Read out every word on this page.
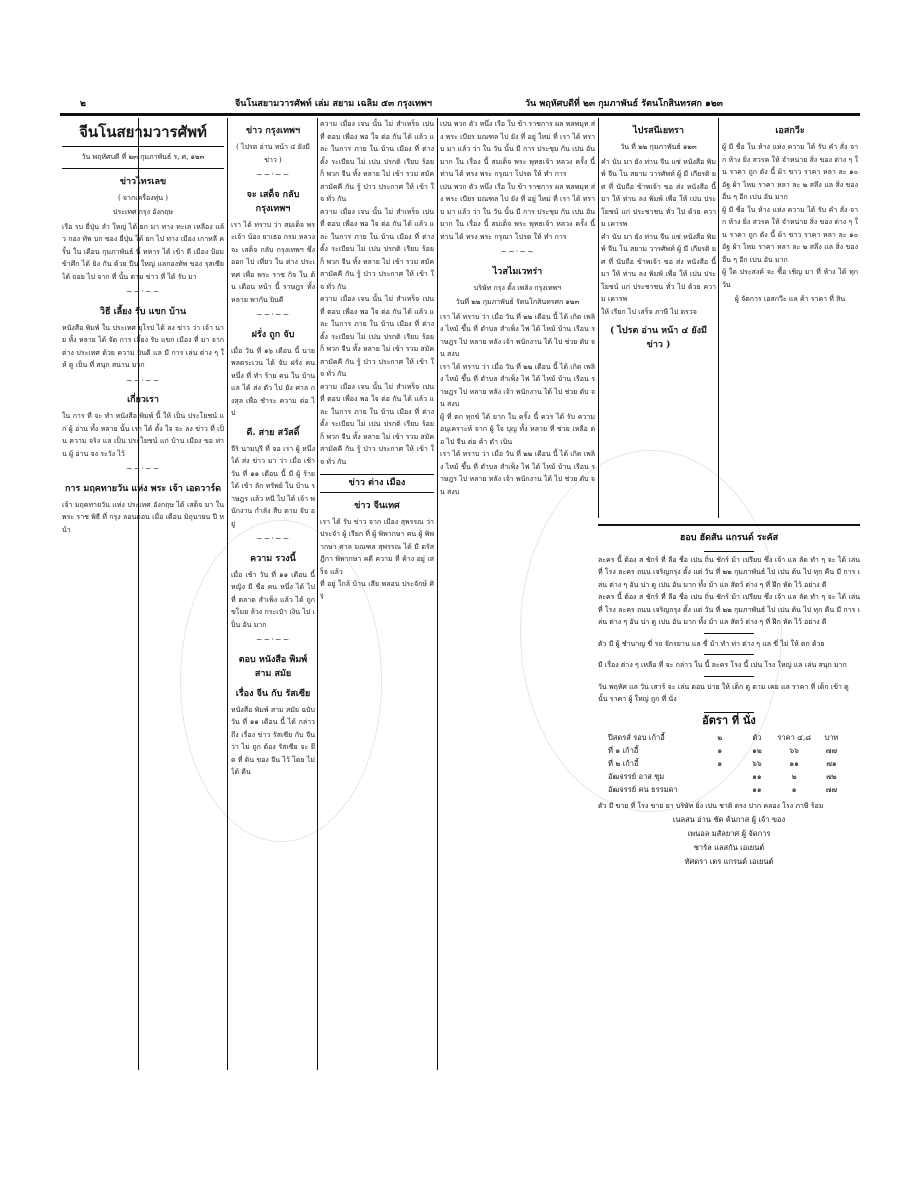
๒	จีนโนสยามวารศัพท์ เล่ม สยาม เฉลิม ๕๓ กรุงเทพฯ	วัน พฤหัศบดีที่ ๒๓ กุมภาพันธ์ รัตนโกสินทรศก ๑๒๓
จีนโนสยามวารศัพท์
วัน พฤหัศบดี ที่ ๒๓ กุมภาพันธ์ ร, ศ, ๑๒๓
ข่าวไทรเลข
( จากเครื่องทุ่น )
ประเทศ กรุง อังกฤษ
เรือ รบ ยี่ปุ่น ลำ ใหญ่ ได้ ยก มา ทาง ทะเล เหลือง แล้ว กอง ทัพ บก ของ ยี่ปุ่น ได้ ยก ไป ทาง เมือง เกาหลี ครั้น ใน เดือน กุมภาพันธ์ นี้ ทหาร ได้ เข้า ตี เมือง ป้อม ข้าศึก ได้ ยิง กัน ด้วย ปืน ใหญ่ แลกองทัพ ของ รุสเซีย ได้ ถอย ไป จาก ที่ นั้น ตาม ข่าว ที่ ได้ รับ มา
~~·~~
วิธี เลี้ยง รับ แขก บ้าน
หนังสือ พิมพ์ ใน ประเทศ ยุโรป ได้ ลง ข่าว ว่า เจ้า นาย ทั้ง หลาย ได้ จัด การ เลี้ยง รับ แขก เมือง ที่ มา จาก ต่าง ประเทศ ด้วย ความ ยินดี แล มี การ เล่น ต่าง ๆ ให้ ดู เป็น ที่ สนุก สนาน มาก
~~·~~
เกี่ยวเรา
ใน การ ที่ จะ ทำ หนังสือ พิมพ์ นี้ ให้ เป็น ประโยชน์ แก่ ผู้ อ่าน ทั้ง หลาย นั้น เรา ได้ ตั้ง ใจ จะ ลง ข่าว ที่ เป็น ความ จริง แล เป็น ประโยชน์ แก่ บ้าน เมือง ขอ ท่าน ผู้ อ่าน จง ระวัง ไว้
~~·~~
การ มฤคทายวัน แห่ง พระ เจ้า เอดวาร์ด
เจ้า มฤคทายวัน แห่ง ประเทศ อังกฤษ ได้ เสด็จ มา ใน พระ ราช พิธี ที่ กรุง ลอนดอน เมื่อ เดือน มิถุนายน ปี หน้า
ข่าว กรุงเทพฯ
( ไปรต อ่าน หน้า ๔ ยังมี ข่าว )
~~·~~
จะ เสด็จ กลับ กรุงเทพฯ
เรา ได้ ทราบ ว่า สมเด็จ พระเจ้า น้อง ยาเธอ กรม หลวง จะ เสด็จ กลับ กรุงเทพฯ ซึ่ง ออก ไป เที่ยว ใน ต่าง ประเทศ เพื่อ พระ ราช กิจ ใน ต้น เดือน หน้า นี้ ราษฎร ทั้ง หลาย พากัน ยินดี
~~·~~
ฝรั่ง ถูก จับ
เมื่อ วัน ที่ ๑๖ เดือน นี้ นาย พลตระเวน ได้ จับ ฝรั่ง คน หนึ่ง ที่ ทำ ร้าย คน ใน บ้าน แล ได้ ส่ง ตัว ไป ยัง ศาล กงสุล เพื่อ ชำระ ความ ต่อ ไป
ดี. สาย สวัสดิ์
จีริ นามบุรี ที่ จอ เรา ผู้ หนึ่ง ได้ ส่ง ข่าว มา ว่า เมื่อ เช้า วัน ที่ ๑๑ เดือน นี้ มี ผู้ ร้าย ได้ เข้า ลัก ทรัพย์ ใน บ้าน ราษฎร แล้ว หนี ไป ได้ เจ้า พนักงาน กำลัง สืบ ตาม จับ อยู่
~~·~~
ความ รวงนี้
เมื่อ เช้า วัน ที่ ๑๑ เดือน นี้ หญิง มี ชื่อ คน หนึ่ง ได้ ไป ที่ ตลาด สำเพ็ง แล้ว ได้ ถูก ขโมย ล้วง กระเป๋า เงิน ไป เป็น อัน มาก
~~·~~
ตอบ หนังสือ พิมพ์ สาม สมัย
เรื่อง จีน กับ รัสเซีย
หนังสือ พิมพ์ สาม สมัย ฉบับ วัน ที่ ๑๑ เดือน นี้ ได้ กล่าว ถึง เรื่อง ข่าว รัสเซีย กับ จีน ว่า ไม่ ถูก ต้อง รัสเซีย จะ ยึด ที่ ดิน ของ จีน ไว้ โดย ไม่ ได้ คืน
ความ เมื่อง เจน นั้น ไม่ สำเหร็จ เปน ที่ ตอบ เพื่อง พอ ใจ ต่อ กัน ได้ แล้ว และ ในการ ภาย ใน บ้าน เมือง ที่ ต่าง ตั้ง ระเบียบ ไม่ เปน ปรกติ เรียบ ร้อย ก็ พวก จีน ทั้ง หลาย ไม่ เข้า รวม สมัค สามัคคี กัน รู้ ป่าว ประกาศ ให้ เข้า ใจ ทั่ว กัน
ความ เมื่อง เจน นั้น ไม่ สำเหร็จ เปน ที่ ตอบ เพื่อง พอ ใจ ต่อ กัน ได้ แล้ว และ ในการ ภาย ใน บ้าน เมือง ที่ ต่าง ตั้ง ระเบียบ ไม่ เปน ปรกติ เรียบ ร้อย ก็ พวก จีน ทั้ง หลาย ไม่ เข้า รวม สมัค สามัคคี กัน รู้ ป่าว ประกาศ ให้ เข้า ใจ ทั่ว กัน
ความ เมื่อง เจน นั้น ไม่ สำเหร็จ เปน ที่ ตอบ เพื่อง พอ ใจ ต่อ กัน ได้ แล้ว และ ในการ ภาย ใน บ้าน เมือง ที่ ต่าง ตั้ง ระเบียบ ไม่ เปน ปรกติ เรียบ ร้อย ก็ พวก จีน ทั้ง หลาย ไม่ เข้า รวม สมัค สามัคคี กัน รู้ ป่าว ประกาศ ให้ เข้า ใจ ทั่ว กัน
ความ เมื่อง เจน นั้น ไม่ สำเหร็จ เปน ที่ ตอบ เพื่อง พอ ใจ ต่อ กัน ได้ แล้ว และ ในการ ภาย ใน บ้าน เมือง ที่ ต่าง ตั้ง ระเบียบ ไม่ เปน ปรกติ เรียบ ร้อย ก็ พวก จีน ทั้ง หลาย ไม่ เข้า รวม สมัค สามัคคี กัน รู้ ป่าว ประกาศ ให้ เข้า ใจ ทั่ว กัน
ข่าว ต่าง เมือง
ข่าว จีนเทศ
เรา ได้ รับ ข่าว จาก เมือง สุพรรณ ว่า ประจำ ผู้ เรียก ที่ ผู้ พิพากษา คน ผู้ พิพากษา ศาล มณฑล สุพรรณ ได้ มี ตรัส ฎีกา พิพากษา คดี ความ ที่ ค้าง อยู่ เสร็จ แล้ว
ที่ อยู่ ใกล้ บ้าน เสีย พลอน ประจักษ์ ศิริ
เปน พวก ตัว หนึ่ง เรือ ใบ ข้า ราชการ ผล พลพมุท ส่ง พระ เบียร มณฑล ไป ยัง ที่ อยู่ ใหม่ ที่ เรา ได้ ทราบ มา แล้ว ว่า ใน วัน นั้น มี การ ประชุม กัน เปน อัน มาก ใน เรื่อง นี้ สมเด็จ พระ พุทธเจ้า หลวง ครั้ง นี้ ท่าน ได้ ทรง พระ กรุณา โปรด ให้ ทำ การ
เปน พวก ตัว หนึ่ง เรือ ใบ ข้า ราชการ ผล พลพมุท ส่ง พระ เบียร มณฑล ไป ยัง ที่ อยู่ ใหม่ ที่ เรา ได้ ทราบ มา แล้ว ว่า ใน วัน นั้น มี การ ประชุม กัน เปน อัน มาก ใน เรื่อง นี้ สมเด็จ พระ พุทธเจ้า หลวง ครั้ง นี้ ท่าน ได้ ทรง พระ กรุณา โปรด ให้ ทำ การ
~~·~~
ไวสไมเวทร่า
บริษัท กรุง ตั้ง เพลิง กรุงเทพฯ
วันที่ ๒๒ กุมภาพันธ์ รัตนโกสินทรศก ๑๒๓
เรา ได้ ทราบ ว่า เมื่อ วัน ที่ ๒๒ เดือน นี้ ได้ เกิด เพลิง ไหม้ ขึ้น ที่ ตำบล สำเพ็ง ไฟ ได้ ไหม้ บ้าน เรือน ราษฎร ไป หลาย หลัง เจ้า พนักงาน ได้ ไป ช่วย ดับ จน สงบ
เรา ได้ ทราบ ว่า เมื่อ วัน ที่ ๒๒ เดือน นี้ ได้ เกิด เพลิง ไหม้ ขึ้น ที่ ตำบล สำเพ็ง ไฟ ได้ ไหม้ บ้าน เรือน ราษฎร ไป หลาย หลัง เจ้า พนักงาน ได้ ไป ช่วย ดับ จน สงบ
ผู้ ที่ ตก ทุกข์ ได้ ยาก ใน ครั้ง นี้ ควร ได้ รับ ความ อนุเคราะห์ จาก ผู้ ใจ บุญ ทั้ง หลาย ที่ ช่วย เหลือ ต่อ ไป จีน ต่อ ค้า ดำ เนิน
เรา ได้ ทราบ ว่า เมื่อ วัน ที่ ๒๒ เดือน นี้ ได้ เกิด เพลิง ไหม้ ขึ้น ที่ ตำบล สำเพ็ง ไฟ ได้ ไหม้ บ้าน เรือน ราษฎร ไป หลาย หลัง เจ้า พนักงาน ได้ ไป ช่วย ดับ จน สงบ
ไปรสนีเยทรา
วัน ที่ ๒๒ กุมภาพันธ์ ๑๒๓
คำ นับ มา ยัง ท่าน จีน แซ่ หนังสือ พิมพ์ จีน โน สยาม วารศัพท์ ผู้ มี เกียรติ ยศ ที่ นับถือ ข้าพเจ้า ขอ ส่ง หนังสือ นี้ มา ให้ ท่าน ลง พิมพ์ เพื่อ ให้ เปน ประโยชน์ แก่ ประชาชน ทั่ว ไป ด้วย ความ เคารพ
คำ นับ มา ยัง ท่าน จีน แซ่ หนังสือ พิมพ์ จีน โน สยาม วารศัพท์ ผู้ มี เกียรติ ยศ ที่ นับถือ ข้าพเจ้า ขอ ส่ง หนังสือ นี้ มา ให้ ท่าน ลง พิมพ์ เพื่อ ให้ เปน ประโยชน์ แก่ ประชาชน ทั่ว ไป ด้วย ความ เคารพ
ให้ เรียก ไป เสร็จ ภาษี ไป ตรวจ
( ไปรต อ่าน หน้า ๔ ยังมี ข่าว )
เอสกวีะ
ผู้ มี ชื่อ ใน ห้าง แห่ง ความ ได้ รับ คำ สั่ง จาก ห้าง ยิ่ง สวรค ให้ จำหน่าย สิ่ง ของ ต่าง ๆ ใน ราคา ถูก ดัง นี้ ผ้า ขาว ราคา หลา ละ ๑๐ อัฐ ผ้า ไหม ราคา หลา ละ ๒ สลึง แล สิ่ง ของ อื่น ๆ อีก เปน อัน มาก
ผู้ มี ชื่อ ใน ห้าง แห่ง ความ ได้ รับ คำ สั่ง จาก ห้าง ยิ่ง สวรค ให้ จำหน่าย สิ่ง ของ ต่าง ๆ ใน ราคา ถูก ดัง นี้ ผ้า ขาว ราคา หลา ละ ๑๐ อัฐ ผ้า ไหม ราคา หลา ละ ๒ สลึง แล สิ่ง ของ อื่น ๆ อีก เปน อัน มาก
ผู้ ใด ประสงค์ จะ ซื้อ เชิญ มา ที่ ห้าง ได้ ทุก วัน
ผู้ จัดการ เอสกวีะ แล ค้า ราคา ที่ สิน
ฮอบ ฮัดสัน แกรนด์ ระคัส
ละคร นี้ ต้อง ส ชักร์ ที่ ลือ ชื่อ เปน ถิ่น ชักร์ ม้า เปรียบ ซึ่ง เจ้า แล ลัด ทำ ๆ จะ ได้ เล่น ที่ โรง ละคร ถนน เจริญกรุง ตั้ง แต่ วัน ที่ ๒๒ กุมภาพันธ์ ไป เปน ต้น ไป ทุก คืน มี การ เล่น ต่าง ๆ อัน น่า ดู เปน อัน มาก ทั้ง ม้า แล สัตว์ ต่าง ๆ ที่ ฝึก หัด ไว้ อย่าง ดี
ละคร นี้ ต้อง ส ชักร์ ที่ ลือ ชื่อ เปน ถิ่น ชักร์ ม้า เปรียบ ซึ่ง เจ้า แล ลัด ทำ ๆ จะ ได้ เล่น ที่ โรง ละคร ถนน เจริญกรุง ตั้ง แต่ วัน ที่ ๒๒ กุมภาพันธ์ ไป เปน ต้น ไป ทุก คืน มี การ เล่น ต่าง ๆ อัน น่า ดู เปน อัน มาก ทั้ง ม้า แล สัตว์ ต่าง ๆ ที่ ฝึก หัด ไว้ อย่าง ดี
ตัว มี ผู้ ชำนาญ ขี่ รถ จักรยาน แล ขี่ ม้า ทำ ท่า ต่าง ๆ แล ขี่ ไม่ ให้ ตก ด้วย
มี เรื่อง ต่าง ๆ เหลือ ที่ จะ กล่าว ใน นี้ ละคร โรง นี้ เปน โรง ใหญ่ แล เล่น สนุก มาก
วัน พฤหัศ แล วัน เสาร์ จะ เล่น ตอน บ่าย ให้ เด็ก ดู ตาม เคย แล ราคา ที่ เด็ก เข้า ดู นั้น ราคา ผู้ ใหญ่ ถูก ที่ นั่ง
อัตรา ที่ นั่ง
ปีสดรส์ รอบ เก้าอี้	๒	ตัว	ราคา ๔,๘	บาท
ที่ ๑ เก้าอี้	๑	๑๒	๖๖	๗๗
ที่ ๒ เก้าอี้	๑	๖๖	๑๑	๗๑
อัฒจรรย์ อาส ชุม	๑๑	๒	๗๒
อัฒจรรย์ คน ธรรมดา	๑๑	๑	๗๗
ตัว มี ขาย ที่ โรง ขาย ยา บริษัท ยิ่ง เปน ชาติ ตรง ปาก คลอง โรง ภาษี ร้อม
เนลสน อ่าน ชัด ค้นกาส ผู้ เจ้า ของ
เพนอล มสัลยาศ ผู้ จัดการ
ชาร์ล แลสกัน เอเยนต์
ทัศดรา เตร แกรนด์ เอเยนต์
